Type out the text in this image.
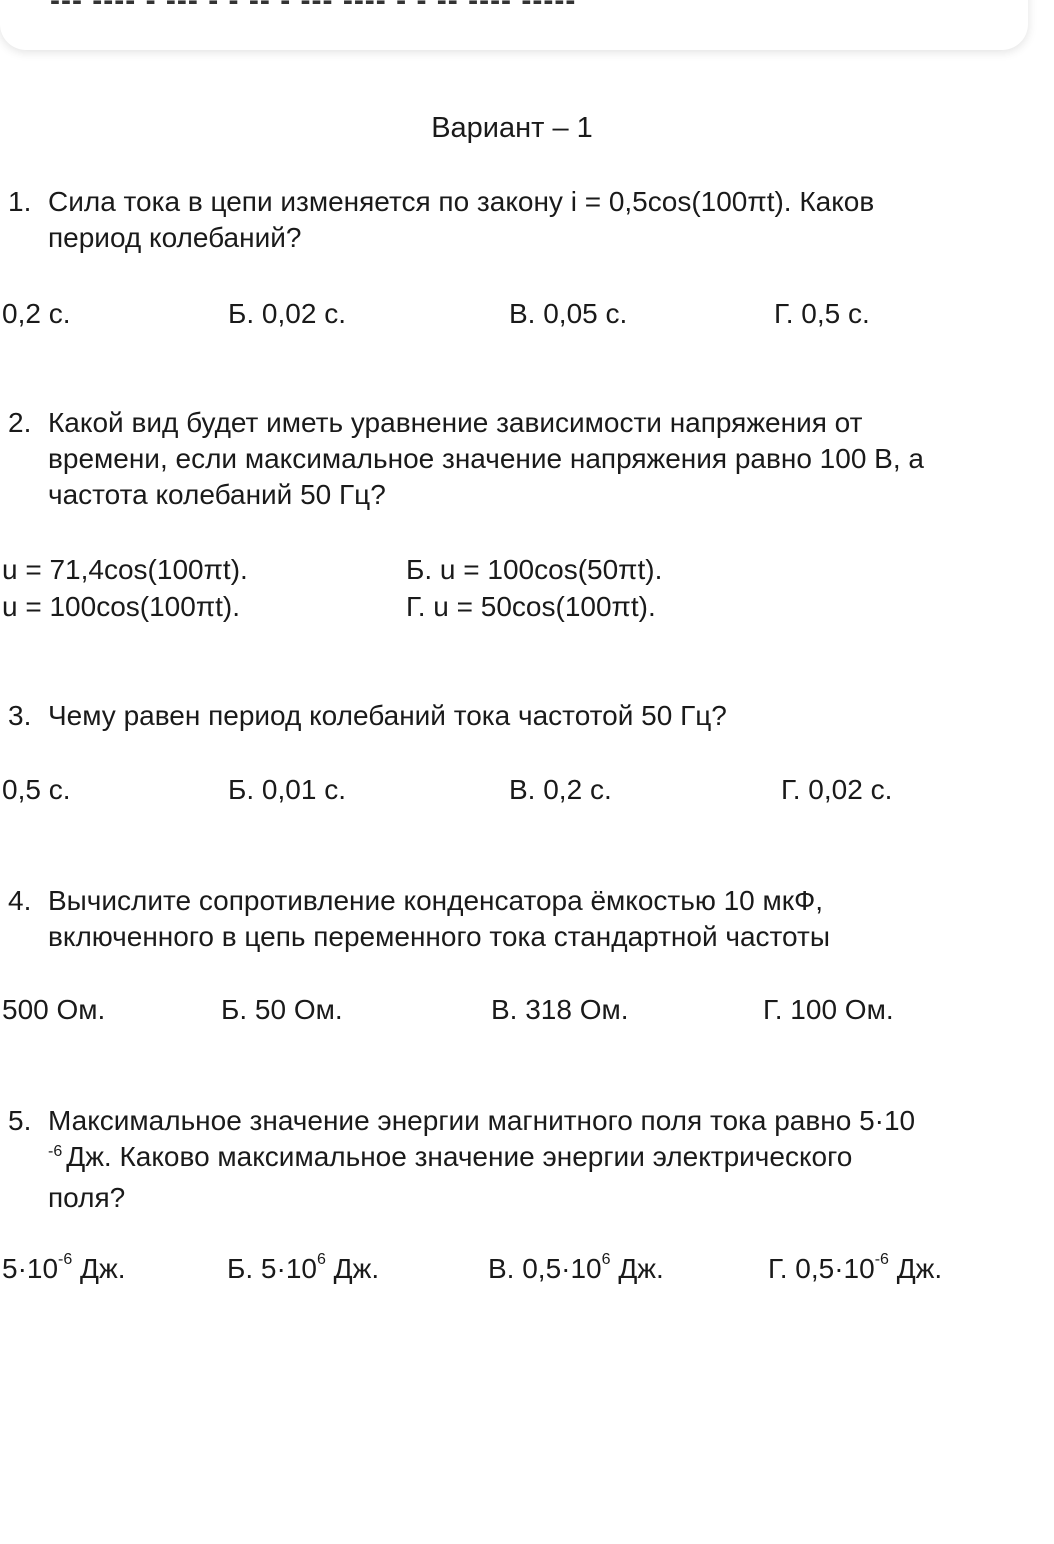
‑‑‑ ‑‑‑‑ ‑ ‑‑‑ ‑ ‑ ‑‑ ‑ ‑‑‑ ‑‑‑‑ ‑ ‑ ‑‑ ‑‑‑‑ ‑‑‑‑‑
Вариант – 1
1. Сила тока в цепи изменяется по закону i = 0,5cos(100πt). Каков
период колебаний?
0,2 с.	Б. 0,02 с.	В. 0,05 с.	Г. 0,5 с.
2. Какой вид будет иметь уравнение зависимости напряжения от
времени, если максимальное значение напряжения равно 100 В, а
частота колебаний 50 Гц?
u = 71,4cos(100πt).	Б. u = 100cos(50πt).
u = 100cos(100πt).	Г. u = 50cos(100πt).
3. Чему равен период колебаний тока частотой 50 Гц?
0,5 с.	Б. 0,01 с.	В. 0,2 с.	Г. 0,02 с.
4. Вычислите сопротивление конденсатора ёмкостью 10 мкФ,
включенного в цепь переменного тока стандартной частоты
500 Ом.	Б. 50 Ом.	В. 318 Ом.	Г. 100 Ом.
5. Максимальное значение энергии магнитного поля тока равно 5·10
$^{-6}$ Дж. Каково максимальное значение энергии электрического
поля?
$5\cdot 10^{-6}$ Дж.	Б. $5\cdot 10^6$ Дж.	В. $0,5\cdot 10^6$ Дж.	Г. $0,5\cdot 10^{-6}$ Дж.
